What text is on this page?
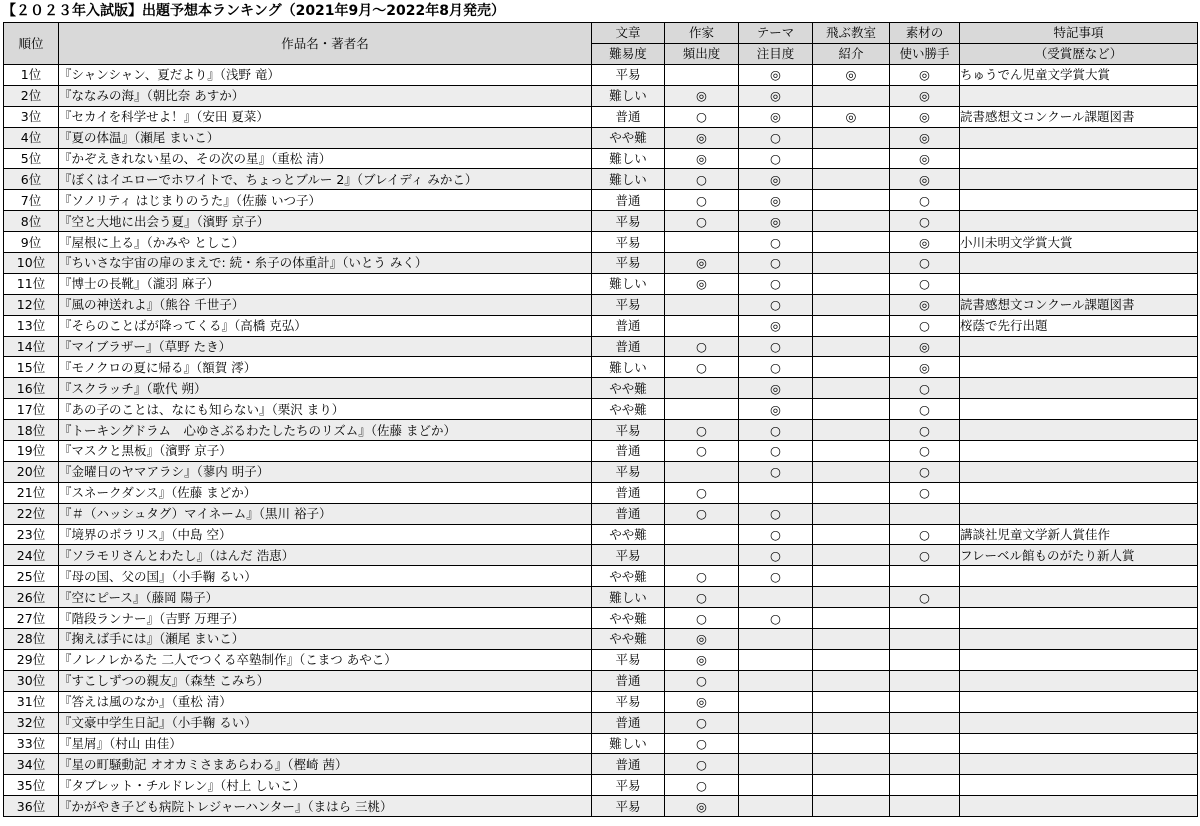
【２０２３年入試版】出題予想本ランキング（2021年9月～2022年8月発売）
順位	作品名・著者名	文章	作家	テーマ	飛ぶ教室	素材の	特記事項
		難易度	頻出度	注目度	紹介	使い勝手	（受賞歴など）
1位	『シャンシャン、夏だより』（浅野 竜）	平易		◎	◎	◎	ちゅうでん児童文学賞大賞
2位	『ななみの海』（朝比奈 あすか）	難しい	◎	◎		◎	
3位	『セカイを科学せよ！』（安田 夏菜）	普通	○	◎	◎	◎	読書感想文コンクール課題図書
4位	『夏の体温』（瀬尾 まいこ）	やや難	◎	○		◎	
5位	『かぞえきれない星の、その次の星』（重松 清）	難しい	◎	○		◎	
6位	『ぼくはイエローでホワイトで、ちょっとブルー 2』（ブレイディ みかこ）	難しい	○	◎		◎	
7位	『ソノリティ はじまりのうた』（佐藤 いつ子）	普通	○	◎		○	
8位	『空と大地に出会う夏』（濱野 京子）	平易	○	◎		○	
9位	『屋根に上る』（かみや としこ）	平易		○		◎	小川未明文学賞大賞
10位	『ちいさな宇宙の扉のまえで: 続・糸子の体重計』（いとう みく）	平易	◎	○		○	
11位	『博士の長靴』（瀧羽 麻子）	難しい	◎	○		○	
12位	『風の神送れよ』（熊谷 千世子）	平易		○		◎	読書感想文コンクール課題図書
13位	『そらのことばが降ってくる』（高橋 克弘）	普通		◎		○	桜蔭で先行出題
14位	『マイブラザー』（草野 たき）	普通	○	○		◎	
15位	『モノクロの夏に帰る』（額賀 澪）	難しい	○	○		◎	
16位	『スクラッチ』（歌代 朔）	やや難		◎		○	
17位	『あの子のことは、なにも知らない』（栗沢 まり）	やや難		◎		○	
18位	『トーキングドラム　心ゆさぶるわたしたちのリズム』（佐藤 まどか）	平易	○	○		○	
19位	『マスクと黒板』（濱野 京子）	普通	○	○		○	
20位	『金曜日のヤマアラシ』（蓼内 明子）	平易		○		○	
21位	『スネークダンス』（佐藤 まどか）	普通	○			○	
22位	『＃（ハッシュタグ）マイネーム』（黒川 裕子）	普通	○	○			
23位	『境界のポラリス』（中島 空）	やや難		○		○	講談社児童文学新人賞佳作
24位	『ソラモリさんとわたし』（はんだ 浩恵）	平易		○		○	フレーベル館ものがたり新人賞
25位	『母の国、父の国』（小手鞠 るい）	やや難	○	○			
26位	『空にピース』（藤岡 陽子）	難しい	○			○	
27位	『階段ランナー』（吉野 万理子）	やや難	○	○			
28位	『掬えば手には』（瀬尾 まいこ）	やや難	◎				
29位	『ノレノレかるた 二人でつくる卒塾制作』（こまつ あやこ）	平易	◎				
30位	『すこしずつの親友』（森埜 こみち）	普通	○				
31位	『答えは風のなか』（重松 清）	平易	◎				
32位	『文豪中学生日記』（小手鞠 るい）	普通	○				
33位	『星屑』（村山 由佳）	難しい	○				
34位	『星の町騒動記 オオカミさまあらわる』（樫崎 茜）	普通	○				
35位	『タブレット・チルドレン』（村上 しいこ）	平易	○				
36位	『かがやき子ども病院トレジャーハンター』（まはら 三桃）	平易	◎				
